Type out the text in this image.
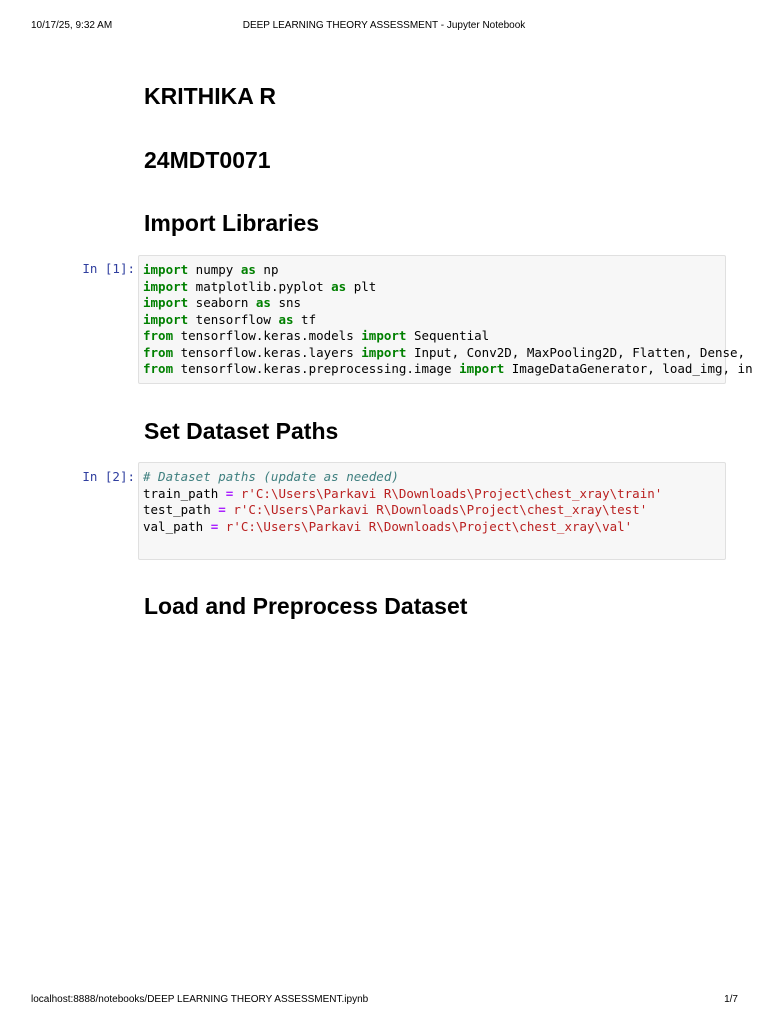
10/17/25, 9:32 AM	DEEP LEARNING THEORY ASSESSMENT - Jupyter Notebook
KRITHIKA R
24MDT0071
Import Libraries
In [1]: import numpy as np
import matplotlib.pyplot as plt
import seaborn as sns
import tensorflow as tf
from tensorflow.keras.models import Sequential
from tensorflow.keras.layers import Input, Conv2D, MaxPooling2D, Flatten, Dense,
from tensorflow.keras.preprocessing.image import ImageDataGenerator, load_img, in
Set Dataset Paths
In [2]: # Dataset paths (update as needed)
train_path = r'C:\Users\Parkavi R\Downloads\Project\chest_xray\train'
test_path = r'C:\Users\Parkavi R\Downloads\Project\chest_xray\test'
val_path = r'C:\Users\Parkavi R\Downloads\Project\chest_xray\val'
Load and Preprocess Dataset
localhost:8888/notebooks/DEEP LEARNING THEORY ASSESSMENT.ipynb	1/7
